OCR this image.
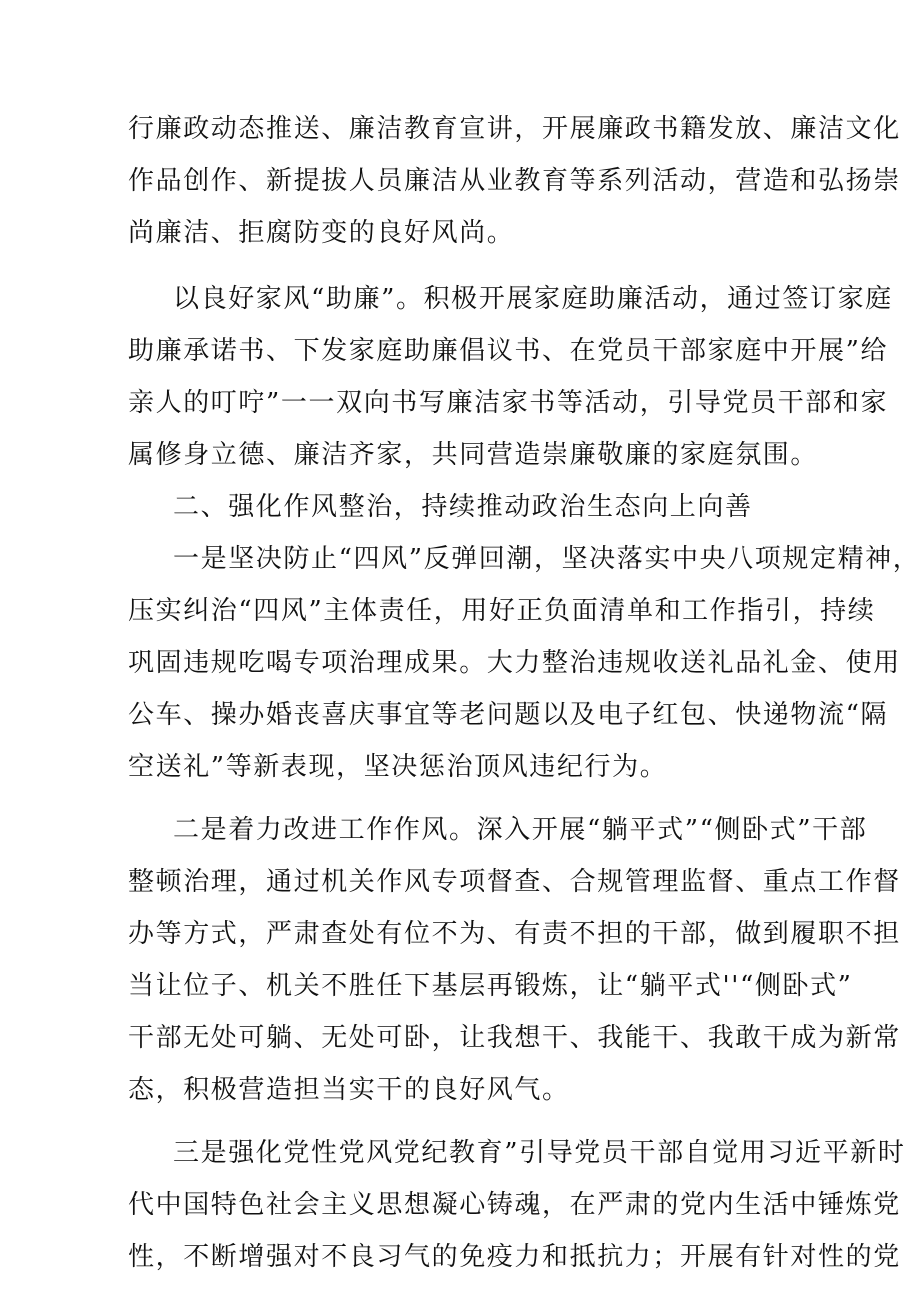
行廉政动态推送、廉洁教育宣讲，开展廉政书籍发放、廉洁文化
作品创作、新提拔人员廉洁从业教育等系列活动，营造和弘扬崇
尚廉洁、拒腐防变的良好风尚。
以良好家风“助廉”。积极开展家庭助廉活动，通过签订家庭
助廉承诺书、下发家庭助廉倡议书、在党员干部家庭中开展”给
亲人的叮咛”一一双向书写廉洁家书等活动，引导党员干部和家
属修身立德、廉洁齐家，共同营造崇廉敬廉的家庭氛围。
二、强化作风整治，持续推动政治生态向上向善
一是坚决防止“四风”反弹回潮，坚决落实中央八项规定精神，
压实纠治“四风”主体责任，用好正负面清单和工作指引，持续
巩固违规吃喝专项治理成果。大力整治违规收送礼品礼金、使用
公车、操办婚丧喜庆事宜等老问题以及电子红包、快递物流“隔
空送礼”等新表现，坚决惩治顶风违纪行为。
二是着力改进工作作风。深入开展“躺平式”“侧卧式”干部
整顿治理，通过机关作风专项督查、合规管理监督、重点工作督
办等方式，严肃查处有位不为、有责不担的干部，做到履职不担
当让位子、机关不胜任下基层再锻炼，让“躺平式''“侧卧式”
干部无处可躺、无处可卧，让我想干、我能干、我敢干成为新常
态，积极营造担当实干的良好风气。
三是强化党性党风党纪教育”引导党员干部自觉用习近平新时
代中国特色社会主义思想凝心铸魂，在严肃的党内生活中锤炼党
性，不断增强对不良习气的免疫力和抵抗力；开展有针对性的党
